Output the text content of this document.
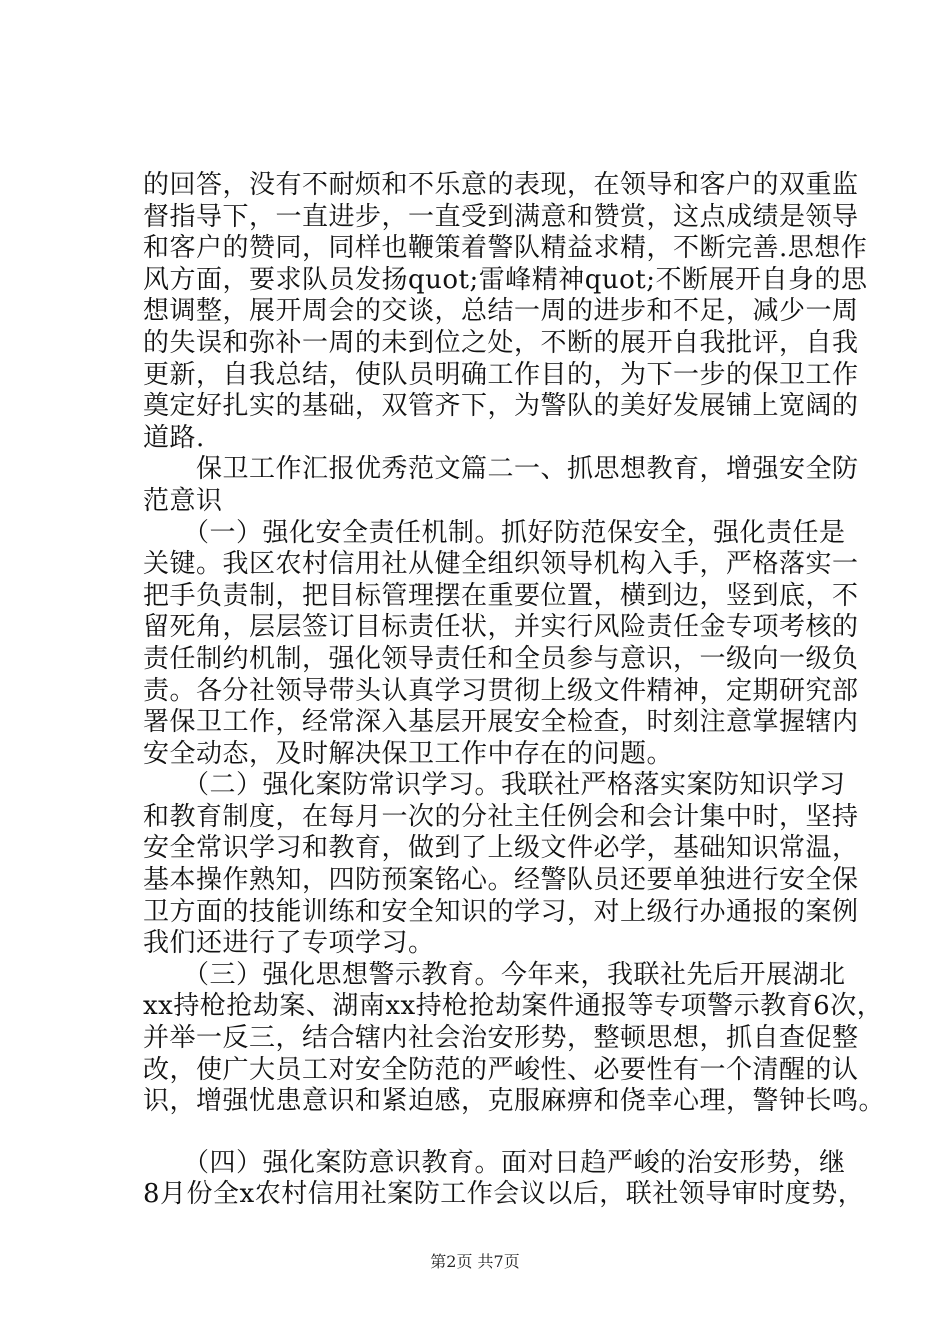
的回答，没有不耐烦和不乐意的表现，在领导和客户的双重监
督指导下，一直进步，一直受到满意和赞赏，这点成绩是领导
和客户的赞同，同样也鞭策着警队精益求精，不断完善.思想作
风方面，要求队员发扬quot;雷峰精神quot;不断展开自身的思
想调整，展开周会的交谈，总结一周的进步和不足，减少一周
的失误和弥补一周的未到位之处，不断的展开自我批评，自我
更新，自我总结，使队员明确工作目的，为下一步的保卫工作
奠定好扎实的基础，双管齐下，为警队的美好发展铺上宽阔的
道路.
　　保卫工作汇报优秀范文篇二一、抓思想教育，增强安全防
范意识
　　（一）强化安全责任机制。抓好防范保安全，强化责任是
关键。我区农村信用社从健全组织领导机构入手，严格落实一
把手负责制，把目标管理摆在重要位置，横到边，竖到底，不
留死角，层层签订目标责任状，并实行风险责任金专项考核的
责任制约机制，强化领导责任和全员参与意识，一级向一级负
责。各分社领导带头认真学习贯彻上级文件精神，定期研究部
署保卫工作，经常深入基层开展安全检查，时刻注意掌握辖内
安全动态，及时解决保卫工作中存在的问题。
　　（二）强化案防常识学习。我联社严格落实案防知识学习
和教育制度，在每月一次的分社主任例会和会计集中时，坚持
安全常识学习和教育，做到了上级文件必学，基础知识常温，
基本操作熟知，四防预案铭心。经警队员还要单独进行安全保
卫方面的技能训练和安全知识的学习，对上级行办通报的案例
我们还进行了专项学习。
　　（三）强化思想警示教育。今年来，我联社先后开展湖北
xx持枪抢劫案、湖南xx持枪抢劫案件通报等专项警示教育6次，
并举一反三，结合辖内社会治安形势，整顿思想，抓自查促整
改，使广大员工对安全防范的严峻性、必要性有一个清醒的认
识，增强忧患意识和紧迫感，克服麻痹和侥幸心理，警钟长鸣。
　　（四）强化案防意识教育。面对日趋严峻的治安形势，继
8月份全x农村信用社案防工作会议以后，联社领导审时度势，
第2页 共7页
